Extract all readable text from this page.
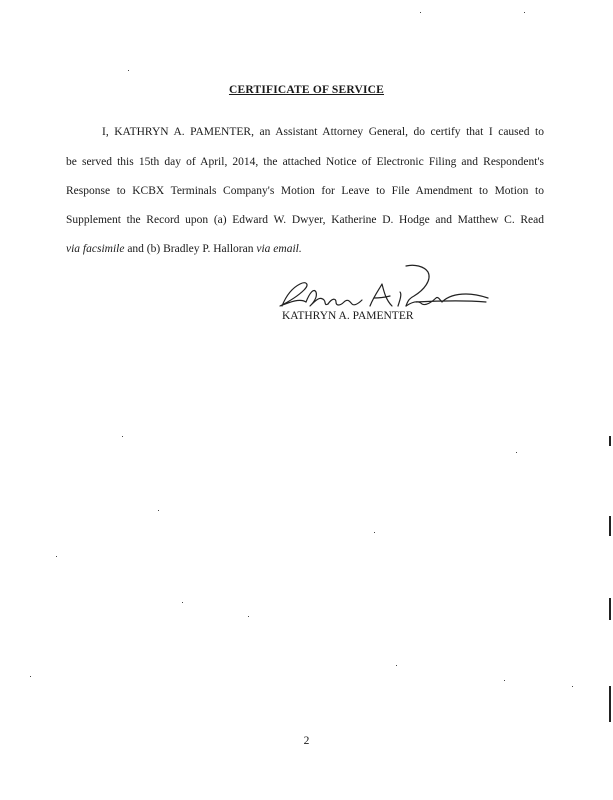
CERTIFICATE OF SERVICE
I, KATHRYN A. PAMENTER, an Assistant Attorney General, do certify that I caused to
be served this 15th day of April, 2014, the attached Notice of Electronic Filing and Respondent's
Response to KCBX Terminals Company's Motion for Leave to File Amendment to Motion to
Supplement the Record upon (a) Edward W. Dwyer, Katherine D. Hodge and Matthew C. Read
via facsimile and (b) Bradley P. Halloran via email.
KATHRYN A. PAMENTER
2
